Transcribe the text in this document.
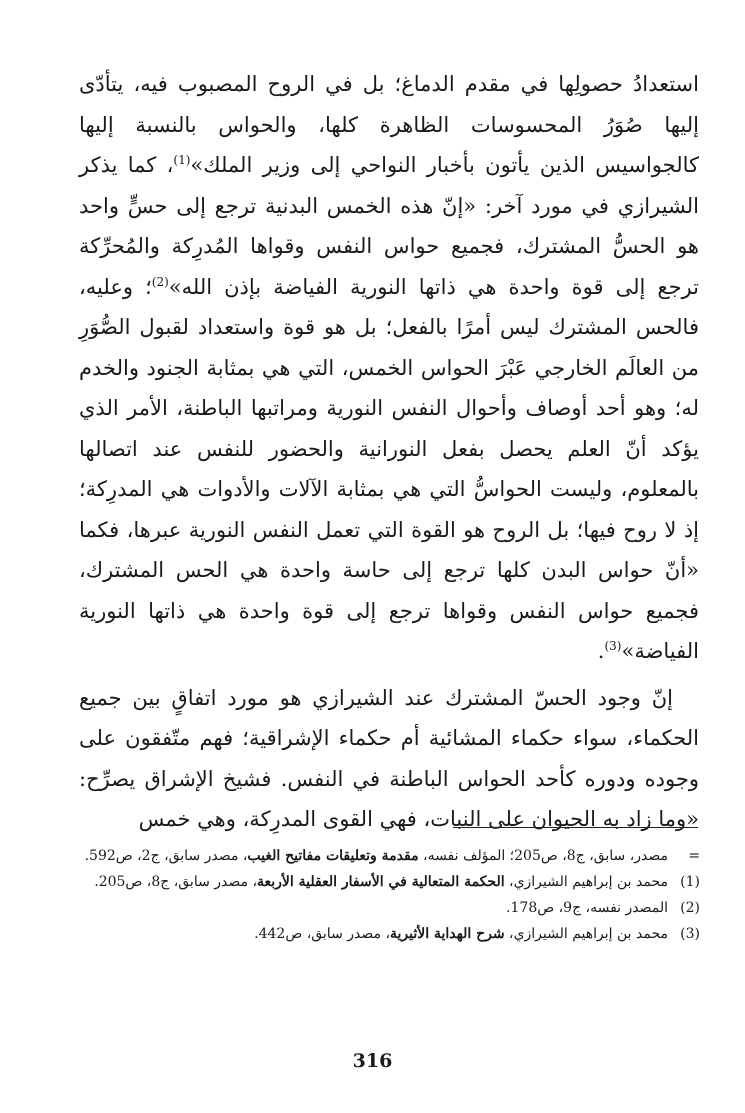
استعدادُ حصولِها في مقدم الدماغ؛ بل في الروح المصبوب فيه، يتأدّى إليها صُوَرُ المحسوسات الظاهرة كلها، والحواس بالنسبة إليها كالجواسيس الذين يأتون بأخبار النواحي إلى وزير الملك»$^{(1)}$، كما يذكر الشيرازي في مورد آخر: «إنّ هذه الخمس البدنية ترجع إلى حسٍّ واحد هو الحسُّ المشترك، فجميع حواس النفس وقواها المُدرِكة والمُحرِّكة ترجع إلى قوة واحدة هي ذاتها النورية الفياضة بإذن الله»$^{(2)}$؛ وعليه، فالحس المشترك ليس أمرًا بالفعل؛ بل هو قوة واستعداد لقبول الصُّوَرِ من العالَم الخارجي عَبْرَ الحواس الخمس، التي هي بمثابة الجنود والخدم له؛ وهو أحد أوصاف وأحوال النفس النورية ومراتبها الباطنة، الأمر الذي يؤكد أنّ العلم يحصل بفعل النورانية والحضور للنفس عند اتصالها بالمعلوم، وليست الحواسُّ التي هي بمثابة الآلات والأدوات هي المدرِكة؛ إذ لا روح فيها؛ بل الروح هو القوة التي تعمل النفس النورية عبرها، فكما «أنّ حواس البدن كلها ترجع إلى حاسة واحدة هي الحس المشترك، فجميع حواس النفس وقواها ترجع إلى قوة واحدة هي ذاتها النورية الفياضة»$^{(3)}$.

إنّ وجود الحسّ المشترك عند الشيرازي هو مورد اتفاقٍ بين جميع الحكماء، سواء حكماء المشائية أم حكماء الإشراقية؛ فهم متّفقون على وجوده ودوره كأحد الحواس الباطنة في النفس. فشيخ الإشراق يصرِّح: «وما زاد به الحيوان على النبات، فهي القوى المدرِكة، وهي خمس

=
مصدر، سابق، ج8، ص205؛ المؤلف نفسه، مقدمة وتعليقات مفاتيح الغيب، مصدر سابق، ج2، ص592.
(1)
محمد بن إبراهيم الشيرازي، الحكمة المتعالية في الأسفار العقلية الأربعة، مصدر سابق، ج8، ص205.
(2)
المصدر نفسه، ج9، ص178.
(3)
محمد بن إبراهيم الشيرازي، شرح الهداية الأثيرية، مصدر سابق، ص442.
316
